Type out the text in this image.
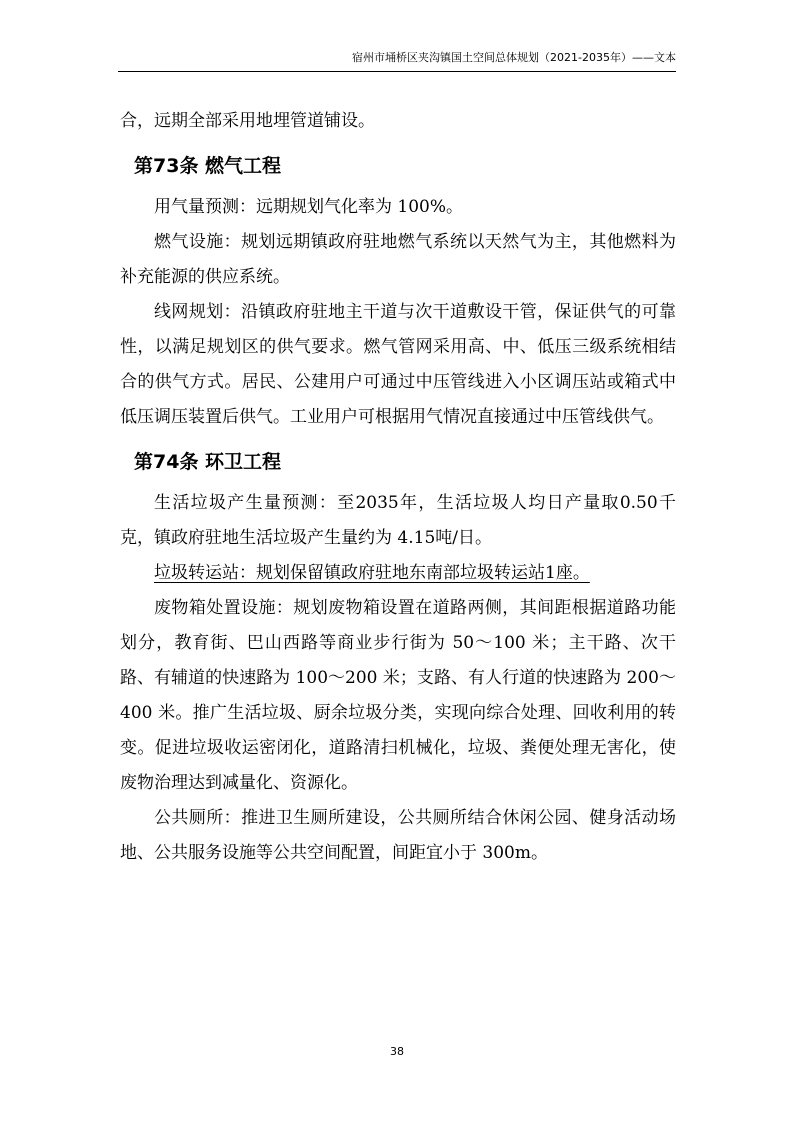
宿州市埇桥区夹沟镇国土空间总体规划（2021-2035年）——文本

合，远期全部采用地埋管道铺设。

第73条 燃气工程

用气量预测：远期规划气化率为 100%。

燃气设施：规划远期镇政府驻地燃气系统以天然气为主，其他燃料为补充能源的供应系统。

线网规划：沿镇政府驻地主干道与次干道敷设干管，保证供气的可靠性，以满足规划区的供气要求。燃气管网采用高、中、低压三级系统相结合的供气方式。居民、公建用户可通过中压管线进入小区调压站或箱式中低压调压装置后供气。工业用户可根据用气情况直接通过中压管线供气。

第74条 环卫工程

生活垃圾产生量预测：至2035年，生活垃圾人均日产量取0.50千克，镇政府驻地生活垃圾产生量约为 4.15吨/日。

垃圾转运站：规划保留镇政府驻地东南部垃圾转运站1座。

废物箱处置设施：规划废物箱设置在道路两侧，其间距根据道路功能划分，教育街、巴山西路等商业步行街为 50～100 米；主干路、次干路、有辅道的快速路为 100～200 米；支路、有人行道的快速路为 200～400 米。推广生活垃圾、厨余垃圾分类，实现向综合处理、回收利用的转变。促进垃圾收运密闭化，道路清扫机械化，垃圾、粪便处理无害化，使废物治理达到减量化、资源化。

公共厕所：推进卫生厕所建设，公共厕所结合休闲公园、健身活动场地、公共服务设施等公共空间配置，间距宜小于 300m。

38
